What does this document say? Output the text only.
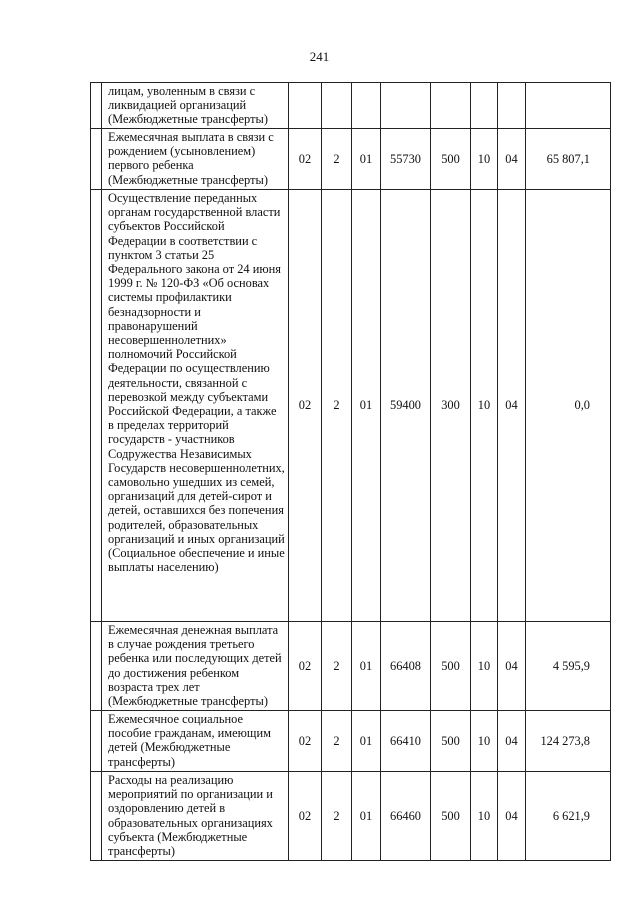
241
	лицам, уволенным в связи с ликвидацией организаций (Межбюджетные трансферты)								
	Ежемесячная выплата в связи с рождением (усыновлением) первого ребенка (Межбюджетные трансферты)	02	2	01	55730	500	10	04	65 807,1
	Осуществление переданных органам государственной власти субъектов Российской Федерации в соответствии с пунктом 3 статьи 25 Федерального закона от 24 июня 1999 г. № 120-ФЗ «Об основах системы профилактики безнадзорности и правонарушений несовершеннолетних» полномочий Российской Федерации по осуществлению деятельности, связанной с перевозкой между субъектами Российской Федерации, а также в пределах территорий государств - участников Содружества Независимых Государств несовершеннолетних, самовольно ушедших из семей, организаций для детей-сирот и детей, оставшихся без попечения родителей, образовательных организаций и иных организаций (Социальное обеспечение и иные выплаты населению)	02	2	01	59400	300	10	04	0,0
	Ежемесячная денежная выплата в случае рождения третьего ребенка или последующих детей до достижения ребенком возраста трех лет (Межбюджетные трансферты)	02	2	01	66408	500	10	04	4 595,9
	Ежемесячное социальное пособие гражданам, имеющим детей (Межбюджетные трансферты)	02	2	01	66410	500	10	04	124 273,8
	Расходы на реализацию мероприятий по организации и оздоровлению детей в образовательных организациях субъекта (Межбюджетные трансферты)	02	2	01	66460	500	10	04	6 621,9
